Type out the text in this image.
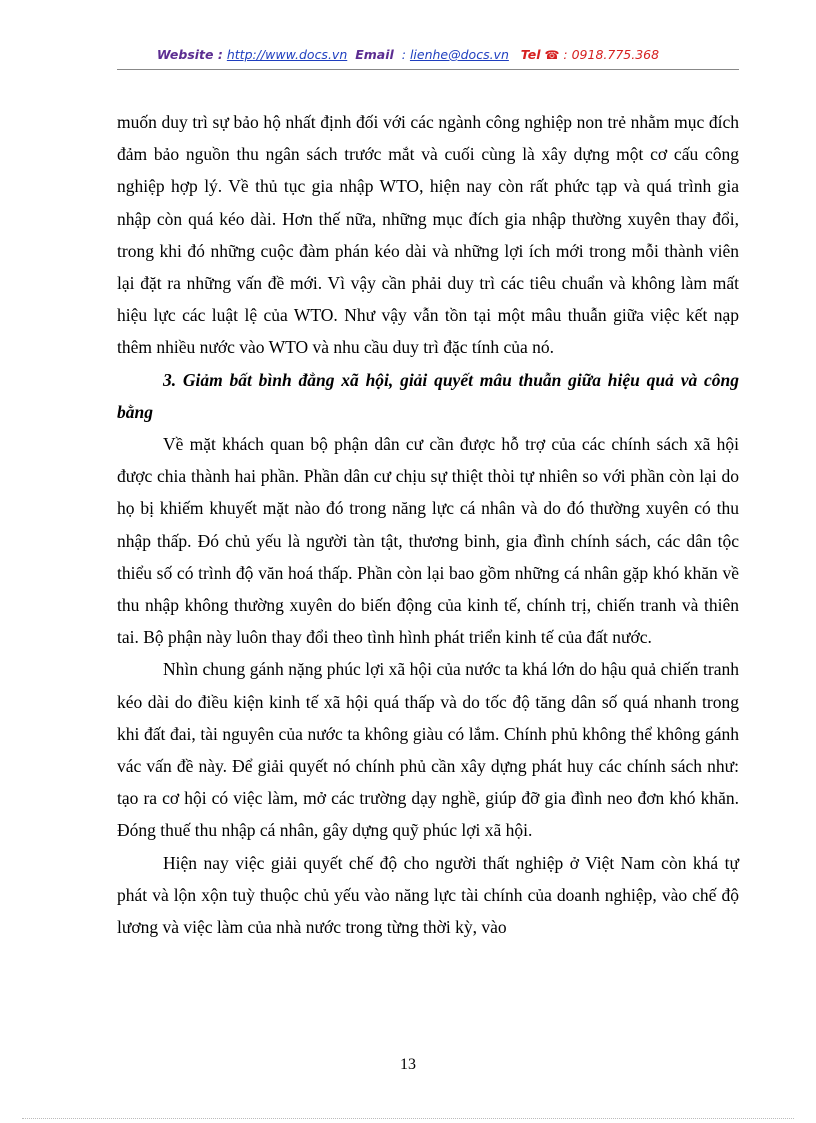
Website : http://www.docs.vn Email : lienhe@docs.vn Tel ☎ : 0918.775.368

muốn duy trì sự bảo hộ nhất định đối với các ngành công nghiệp non trẻ nhằm mục đích đảm bảo nguồn thu ngân sách trước mắt và cuối cùng là xây dựng một cơ cấu công nghiệp hợp lý. Về thủ tục gia nhập WTO, hiện nay còn rất phức tạp và quá trình gia nhập còn quá kéo dài. Hơn thế nữa, những mục đích gia nhập thường xuyên thay đổi, trong khi đó những cuộc đàm phán kéo dài và những lợi ích mới trong mỗi thành viên lại đặt ra những vấn đề mới. Vì vậy cần phải duy trì các tiêu chuẩn và không làm mất hiệu lực các luật lệ của WTO. Như vậy vẫn tồn tại một mâu thuẫn giữa việc kết nạp thêm nhiều nước vào WTO và nhu cầu duy trì đặc tính của nó.

3. Giảm bất bình đẳng xã hội, giải quyết mâu thuẫn giữa hiệu quả và công bằng

Về mặt khách quan bộ phận dân cư cần được hỗ trợ của các chính sách xã hội được chia thành hai phần. Phần dân cư chịu sự thiệt thòi tự nhiên so với phần còn lại do họ bị khiếm khuyết mặt nào đó trong năng lực cá nhân và do đó thường xuyên có thu nhập thấp. Đó chủ yếu là người tàn tật, thương binh, gia đình chính sách, các dân tộc thiểu số có trình độ văn hoá thấp. Phần còn lại bao gồm những cá nhân gặp khó khăn về thu nhập không thường xuyên do biến động của kinh tế, chính trị, chiến tranh và thiên tai. Bộ phận này luôn thay đổi theo tình hình phát triển kinh tế của đất nước.

Nhìn chung gánh nặng phúc lợi xã hội của nước ta khá lớn do hậu quả chiến tranh kéo dài do điều kiện kinh tế xã hội quá thấp và do tốc độ tăng dân số quá nhanh trong khi đất đai, tài nguyên của nước ta không giàu có lắm. Chính phủ không thể không gánh vác vấn đề này. Để giải quyết nó chính phủ cần xây dựng phát huy các chính sách như: tạo ra cơ hội có việc làm, mở các trường dạy nghề, giúp đỡ gia đình neo đơn khó khăn. Đóng thuế thu nhập cá nhân, gây dựng quỹ phúc lợi xã hội.

Hiện nay việc giải quyết chế độ cho người thất nghiệp ở Việt Nam còn khá tự phát và lộn xộn tuỳ thuộc chủ yếu vào năng lực tài chính của doanh nghiệp, vào chế độ lương và việc làm của nhà nước trong từng thời kỳ, vào

13
